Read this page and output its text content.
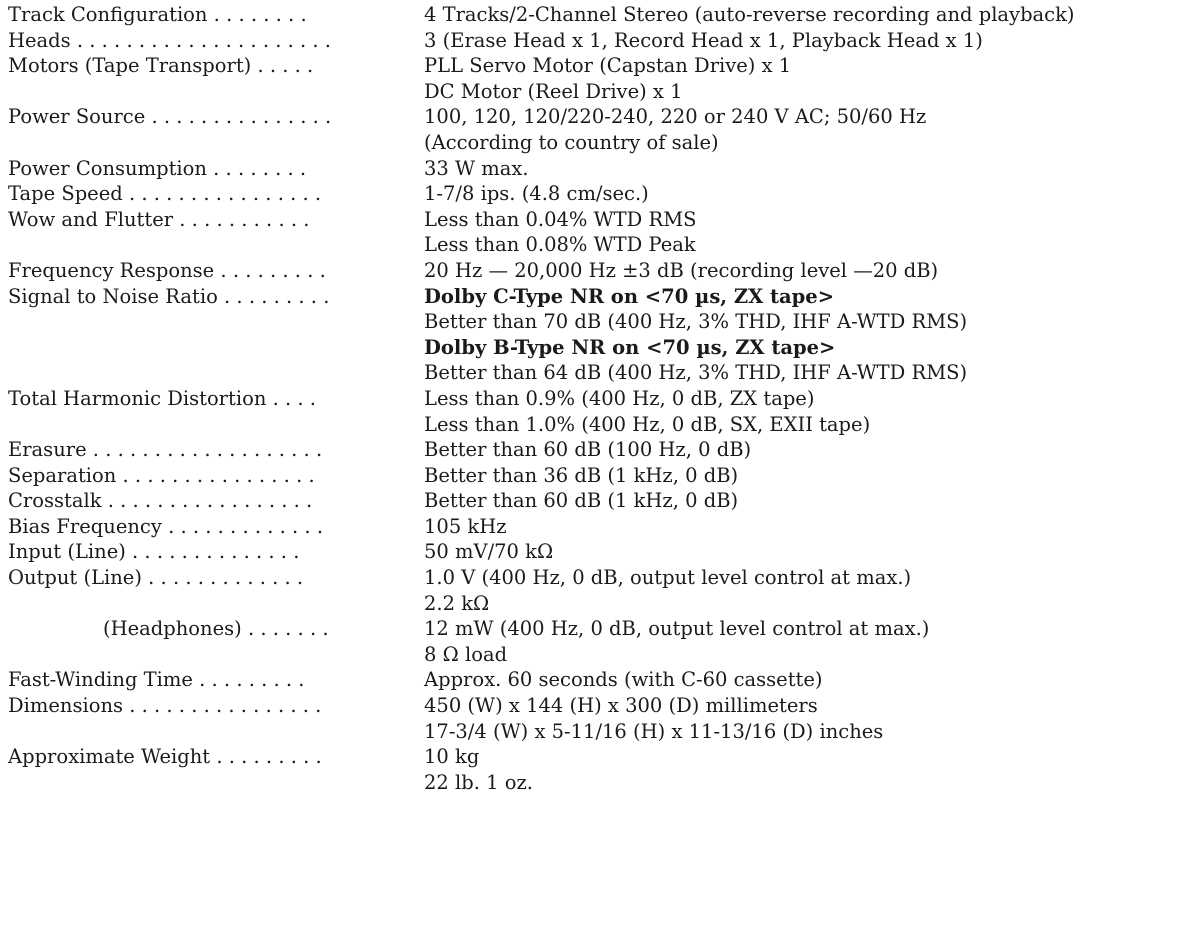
Track Configuration . . . . . . . .	4 Tracks/2-Channel Stereo (auto-reverse recording and playback)
Heads . . . . . . . . . . . . . . . . . . . . .	3 (Erase Head x 1, Record Head x 1, Playback Head x 1)
Motors (Tape Transport) . . . . .	PLL Servo Motor (Capstan Drive) x 1
DC Motor (Reel Drive) x 1
Power Source . . . . . . . . . . . . . . .	100, 120, 120/220-240, 220 or 240 V AC; 50/60 Hz
(According to country of sale)
Power Consumption . . . . . . . .	33 W max.
Tape Speed . . . . . . . . . . . . . . . .	1-7/8 ips. (4.8 cm/sec.)
Wow and Flutter . . . . . . . . . . .	Less than 0.04% WTD RMS
Less than 0.08% WTD Peak
Frequency Response . . . . . . . . .	20 Hz — 20,000 Hz ±3 dB (recording level —20 dB)
Signal to Noise Ratio . . . . . . . . .	Dolby C-Type NR on <70 µs, ZX tape>
Better than 70 dB (400 Hz, 3% THD, IHF A-WTD RMS)
Dolby B-Type NR on <70 µs, ZX tape>
Better than 64 dB (400 Hz, 3% THD, IHF A-WTD RMS)
Total Harmonic Distortion . . . .	Less than 0.9% (400 Hz, 0 dB, ZX tape)
Less than 1.0% (400 Hz, 0 dB, SX, EXII tape)
Erasure . . . . . . . . . . . . . . . . . . .	Better than 60 dB (100 Hz, 0 dB)
Separation . . . . . . . . . . . . . . . .	Better than 36 dB (1 kHz, 0 dB)
Crosstalk . . . . . . . . . . . . . . . . .	Better than 60 dB (1 kHz, 0 dB)
Bias Frequency . . . . . . . . . . . . .	105 kHz
Input (Line) . . . . . . . . . . . . . .	50 mV/70 kΩ
Output (Line) . . . . . . . . . . . . .	1.0 V (400 Hz, 0 dB, output level control at max.)
2.2 kΩ
(Headphones) . . . . . . .	12 mW (400 Hz, 0 dB, output level control at max.)
8 Ω load
Fast-Winding Time . . . . . . . . .	Approx. 60 seconds (with C-60 cassette)
Dimensions . . . . . . . . . . . . . . . .	450 (W) x 144 (H) x 300 (D) millimeters
17-3/4 (W) x 5-11/16 (H) x 11-13/16 (D) inches
Approximate Weight . . . . . . . . .	10 kg
22 lb. 1 oz.
